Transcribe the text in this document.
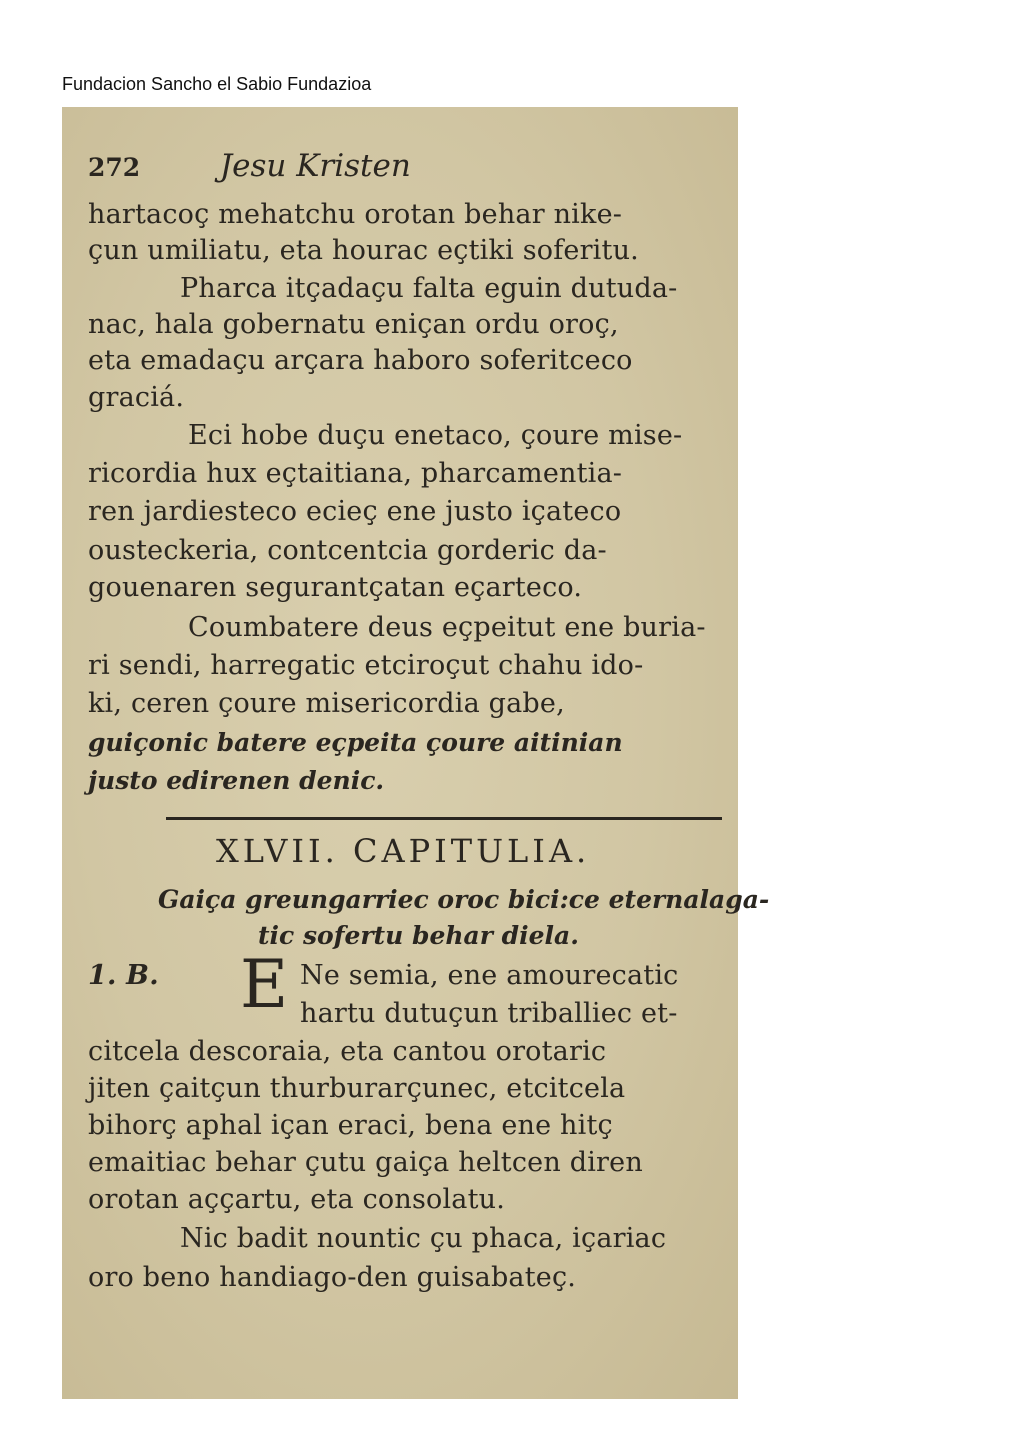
Fundacion Sancho el Sabio Fundazioa
272	Jesu Kristen
hartacoç mehatchu orotan behar nike-
çun umiliatu, eta hourac eçtiki soferitu.
Pharca itçadaçu falta eguin dutuda-
nac, hala gobernatu eniçan ordu oroç,
eta emadaçu arçara haboro soferitceco
graciá.
Eci hobe duçu enetaco, çoure mise-
ricordia hux eçtaitiana, pharcamentia-
ren jardiesteco ecieç ene justo içateco
ousteckeria, contcentcia gorderic da-
gouenaren segurantçatan eçarteco.
Coumbatere deus eçpeitut ene buria-
ri sendi, harregatic etciroçut chahu ido-
ki, ceren çoure misericordia gabe,
guiçonic batere eçpeita çoure aitinian
justo edirenen denic.
XLVII. CAPITULIA.
Gaiça greungarriec oroc bici:ce eternalaga-
tic sofertu behar diela.
1. B. E Ne semia, ene amourecatic
hartu dutuçun triballiec et-
citcela descoraia, eta cantou orotaric
jiten çaitçun thurburarçunec, etcitcela
bihorç aphal içan eraci, bena ene hitç
emaitiac behar çutu gaiça heltcen diren
orotan aççartu, eta consolatu.
Nic badit nountic çu phaca, içariac
oro beno handiago-den guisabateç.
